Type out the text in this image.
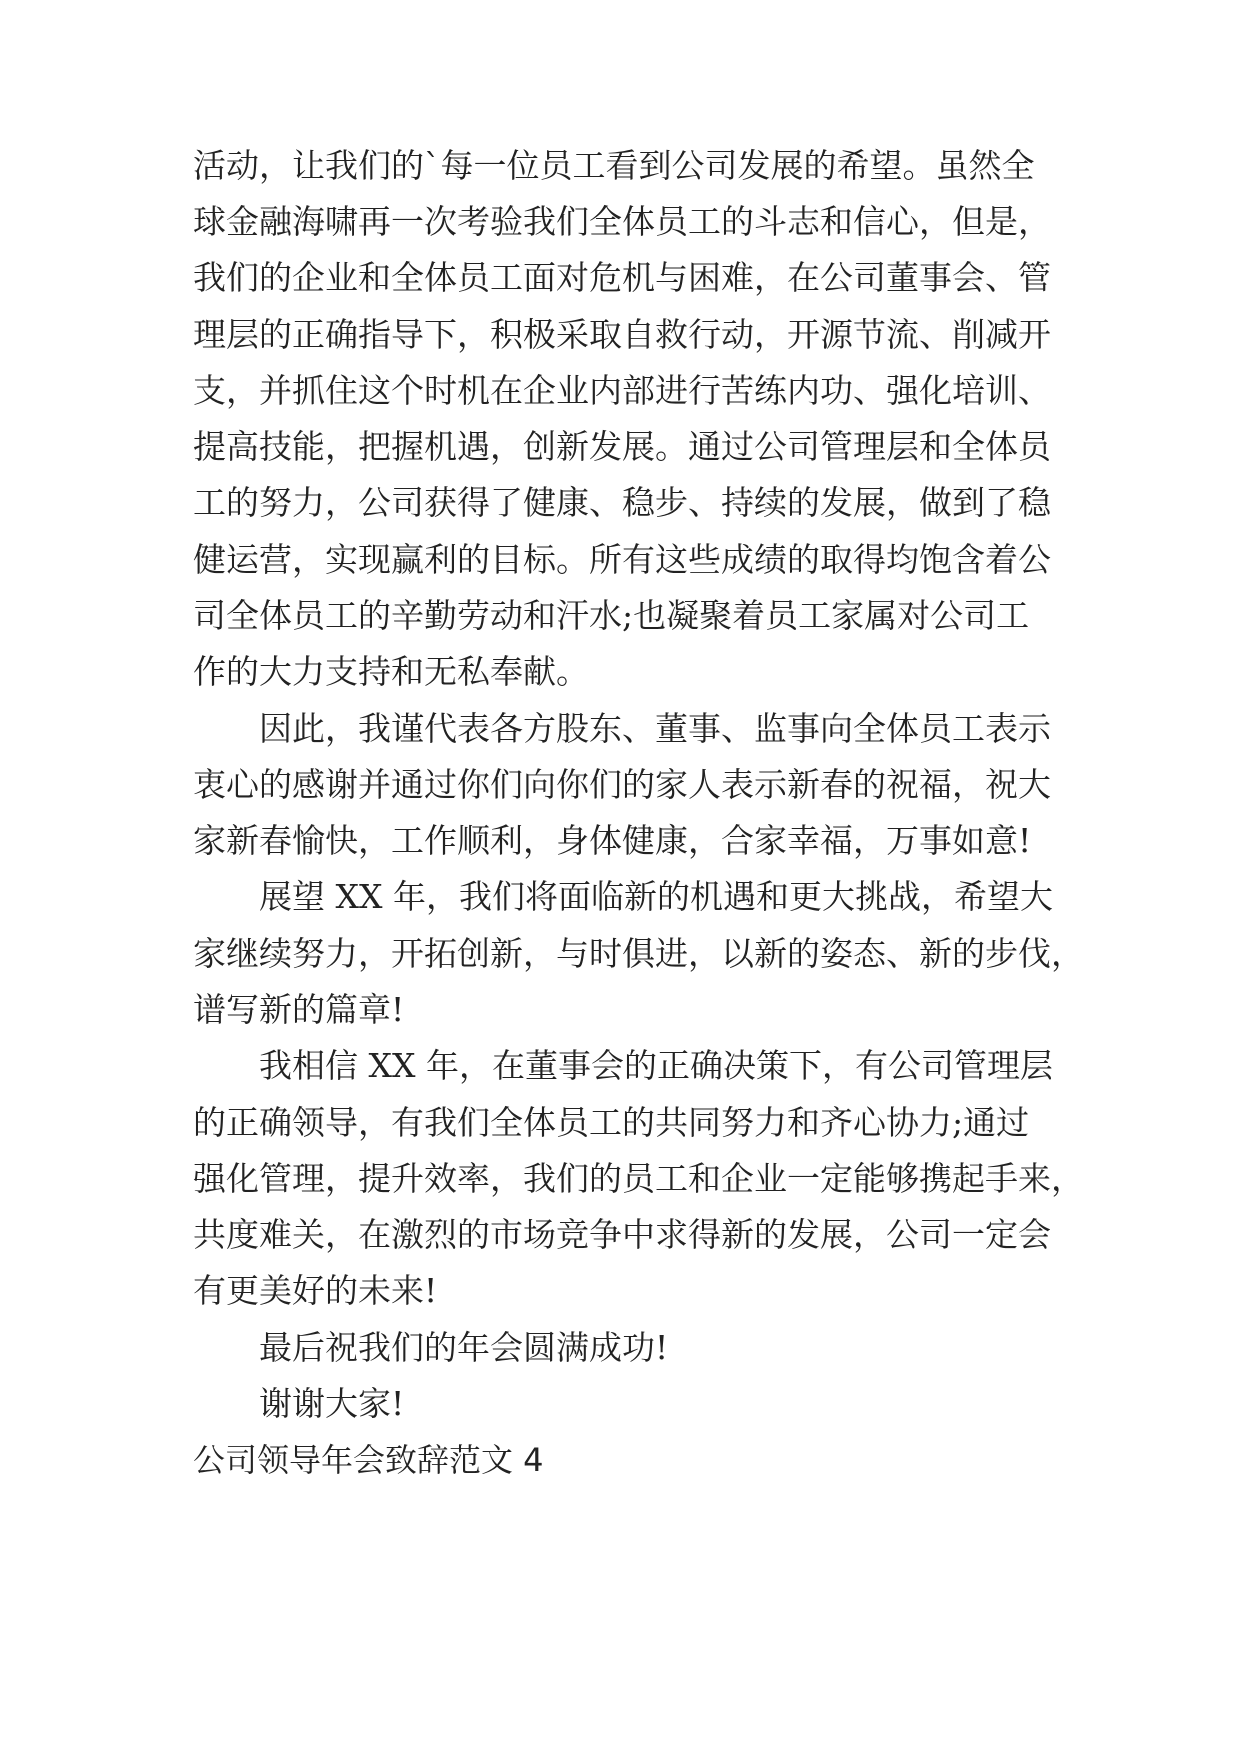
活动，让我们的`每一位员工看到公司发展的希望。虽然全
球金融海啸再一次考验我们全体员工的斗志和信心，但是，
我们的企业和全体员工面对危机与困难，在公司董事会、管
理层的正确指导下，积极采取自救行动，开源节流、削减开
支，并抓住这个时机在企业内部进行苦练内功、强化培训、
提高技能，把握机遇，创新发展。通过公司管理层和全体员
工的努力，公司获得了健康、稳步、持续的发展，做到了稳
健运营，实现赢利的目标。所有这些成绩的取得均饱含着公
司全体员工的辛勤劳动和汗水;也凝聚着员工家属对公司工
作的大力支持和无私奉献。
因此，我谨代表各方股东、董事、监事向全体员工表示
衷心的感谢并通过你们向你们的家人表示新春的祝福，祝大
家新春愉快，工作顺利，身体健康，合家幸福，万事如意!
展望 XX 年，我们将面临新的机遇和更大挑战，希望大
家继续努力，开拓创新，与时俱进，以新的姿态、新的步伐，
谱写新的篇章!
我相信 XX 年，在董事会的正确决策下，有公司管理层
的正确领导，有我们全体员工的共同努力和齐心协力;通过
强化管理，提升效率，我们的员工和企业一定能够携起手来，
共度难关，在激烈的市场竞争中求得新的发展，公司一定会
有更美好的未来!
最后祝我们的年会圆满成功!
谢谢大家!
公司领导年会致辞范文 4
